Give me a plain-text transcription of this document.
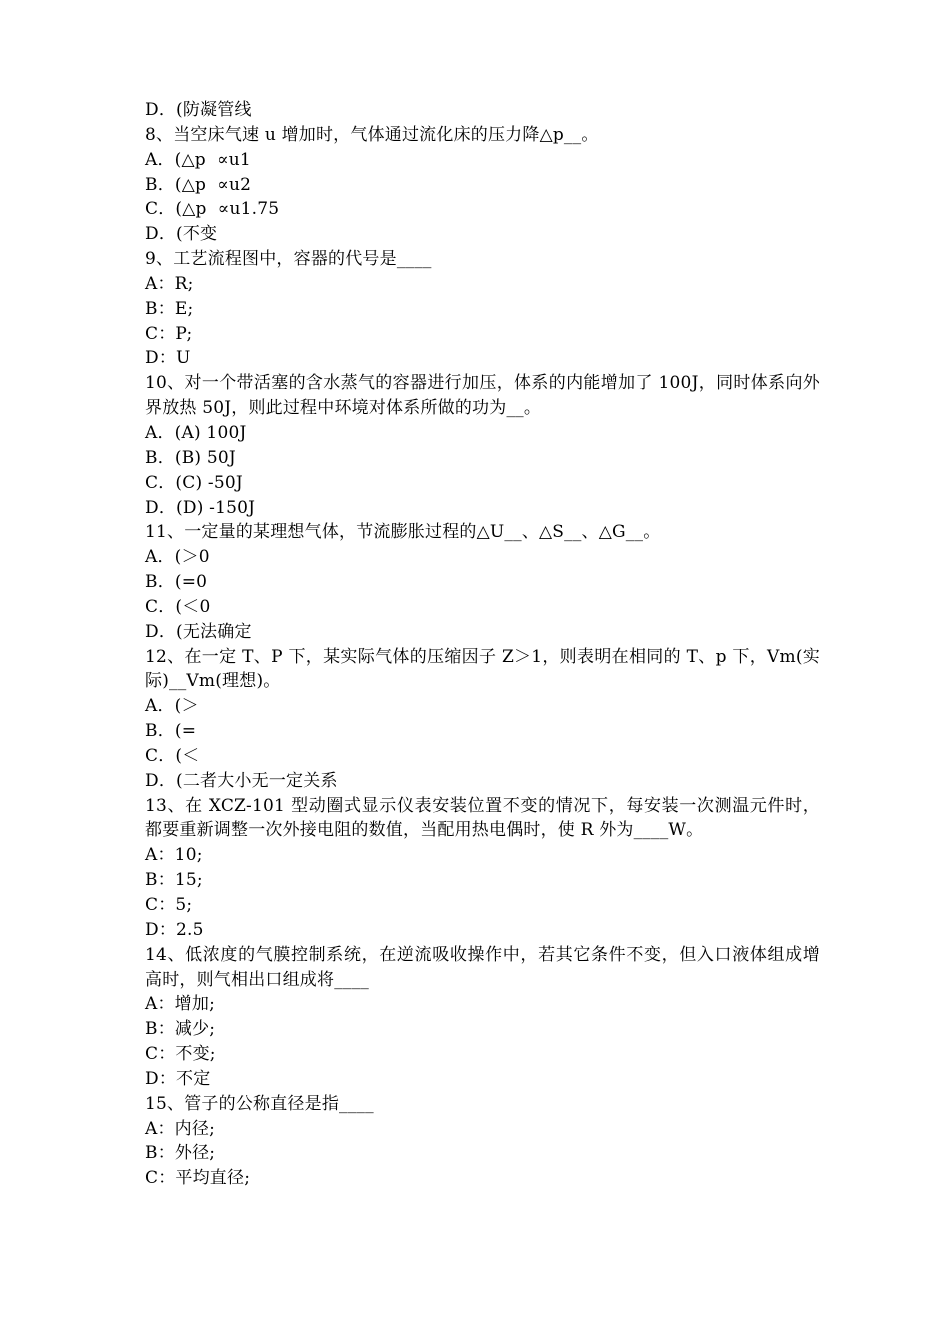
D．(防凝管线
8、当空床气速 u 增加时，气体通过流化床的压力降△p__。
A．(△p  ∝u1
B．(△p  ∝u2
C．(△p  ∝u1.75
D．(不变
9、工艺流程图中，容器的代号是____
A：R;
B：E;
C：P;
D：U
10、对一个带活塞的含水蒸气的容器进行加压，体系的内能增加了 100J，同时体系向外界放热 50J，则此过程中环境对体系所做的功为__。
A．(A) 100J
B．(B) 50J
C．(C) -50J
D．(D) -150J
11、一定量的某理想气体，节流膨胀过程的△U__、△S__、△G__。
A．(＞0
B．(=0
C．(＜0
D．(无法确定
12、在一定 T、P 下，某实际气体的压缩因子 Z＞1，则表明在相同的 T、p 下，Vm(实际)__Vm(理想)。
A．(＞
B．(=
C．(＜
D．(二者大小无一定关系
13、在 XCZ-101 型动圈式显示仪表安装位置不变的情况下，每安装一次测温元件时，都要重新调整一次外接电阻的数值，当配用热电偶时，使 R 外为____W。
A：10;
B：15;
C：5;
D：2.5
14、低浓度的气膜控制系统，在逆流吸收操作中，若其它条件不变，但入口液体组成增高时，则气相出口组成将____
A：增加;
B：减少;
C：不变;
D：不定
15、管子的公称直径是指____
A：内径;
B：外径;
C：平均直径;
